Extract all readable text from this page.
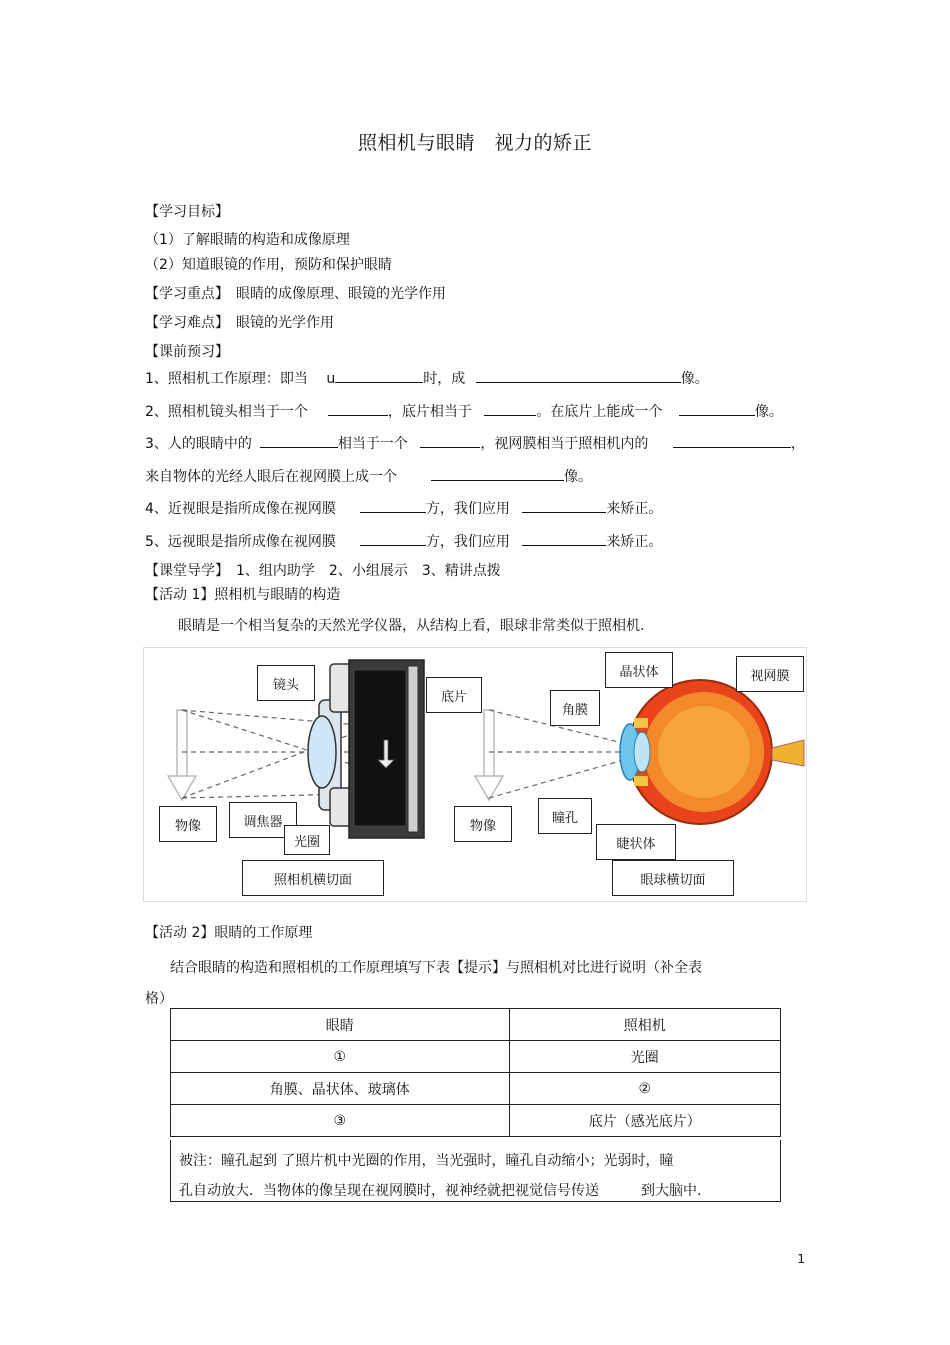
照相机与眼睛　视力的矫正
【学习目标】
（1）了解眼睛的构造和成像原理
（2）知道眼镜的作用，预防和保护眼睛
【学习重点】　眼睛的成像原理、眼镜的光学作用
【学习难点】　眼镜的光学作用
【课前预习】
1、照相机工作原理：即当 　u	时，成	像。
2、照相机镜头相当于一个	，底片相当于	。在底片上能成一个	像。
3、人的眼睛中的	相当于一个	，视网膜相当于照相机内的	，
来自物体的光经人眼后在视网膜上成一个	像。
4、近视眼是指所成像在视网膜	方，我们应用	来矫正。
5、远视眼是指所成像在视网膜	方，我们应用	来矫正。
【课堂导学】　1、组内助学　2、小组展示　3、精讲点拨
【活动 1】照相机与眼睛的构造
眼睛是一个相当复杂的天然光学仪器，从结构上看，眼球非常类似于照相机.
镜头
底片
物像	调焦器
光圈
照相机横切面
晶状体	视网膜
角膜
物像
瞳孔
睫状体
眼球横切面
【活动 2】眼睛的工作原理
结合眼睛的构造和照相机的工作原理填写下表【提示】与照相机对比进行说明（补全表
格）
眼睛	照相机
①	光圈
角膜、晶状体、玻璃体	②
③	底片（感光底片）
被注：瞳孔起到 了照片机中光圈的作用，当光强时，瞳孔自动缩小；光弱时，瞳
孔自动放大．当物体的像呈现在视网膜时，视神经就把视觉信号传送　　　到大脑中.
1
